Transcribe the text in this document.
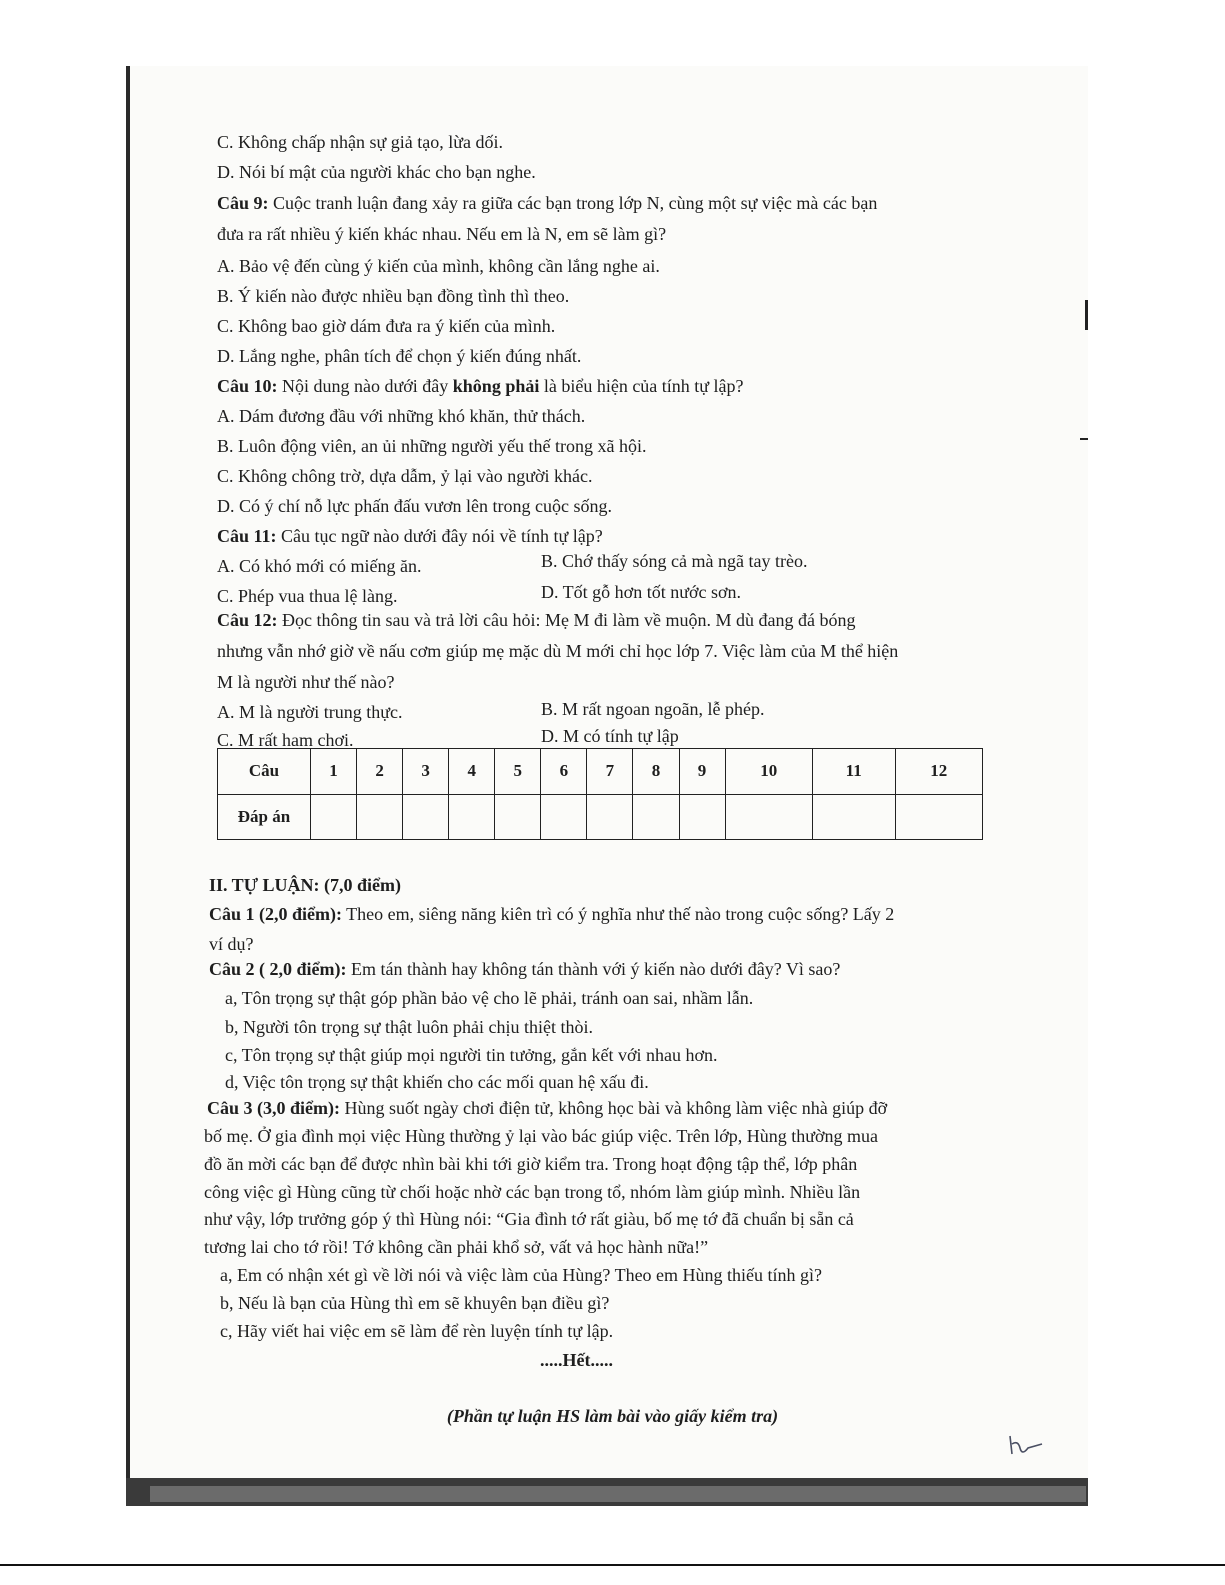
C. Không chấp nhận sự giả tạo, lừa dối.
D. Nói bí mật của người khác cho bạn nghe.
Câu 9: Cuộc tranh luận đang xảy ra giữa các bạn trong lớp N, cùng một sự việc mà các bạn
đưa ra rất nhiều ý kiến khác nhau. Nếu em là N, em sẽ làm gì?
A. Bảo vệ đến cùng ý kiến của mình, không cần lắng nghe ai.
B. Ý kiến nào được nhiều bạn đồng tình thì theo.
C. Không bao giờ dám đưa ra ý kiến của mình.
D. Lắng nghe, phân tích để chọn ý kiến đúng nhất.
Câu 10: Nội dung nào dưới đây không phải là biểu hiện của tính tự lập?
A. Dám đương đầu với những khó khăn, thử thách.
B. Luôn động viên, an ủi những người yếu thế trong xã hội.
C. Không chông trờ, dựa dẫm, ỷ lại vào người khác.
D. Có ý chí nỗ lực phấn đấu vươn lên trong cuộc sống.
Câu 11: Câu tục ngữ nào dưới đây nói về tính tự lập?
A. Có khó mới có miếng ăn.	B. Chớ thấy sóng cả mà ngã tay trèo.
C. Phép vua thua lệ làng.	D. Tốt gỗ hơn tốt nước sơn.
Câu 12: Đọc thông tin sau và trả lời câu hỏi: Mẹ M đi làm về muộn. M dù đang đá bóng
nhưng vẫn nhớ giờ về nấu cơm giúp mẹ mặc dù M mới chỉ học lớp 7. Việc làm của M thể hiện
M là người như thế nào?
A. M là người trung thực.	B. M rất ngoan ngoãn, lễ phép.
C. M rất ham chơi.	D. M có tính tự lập
Câu	1	2	3	4	5	6	7	8	9	10	11	12
Đáp án												
II. TỰ LUẬN: (7,0 điểm)
Câu 1 (2,0 điểm): Theo em, siêng năng kiên trì có ý nghĩa như thế nào trong cuộc sống? Lấy 2
ví dụ?
Câu 2 ( 2,0 điểm): Em tán thành hay không tán thành với ý kiến nào dưới đây? Vì sao?
a, Tôn trọng sự thật góp phần bảo vệ cho lẽ phải, tránh oan sai, nhầm lẫn.
b, Người tôn trọng sự thật luôn phải chịu thiệt thòi.
c, Tôn trọng sự thật giúp mọi người tin tưởng, gắn kết với nhau hơn.
d, Việc tôn trọng sự thật khiến cho các mối quan hệ xấu đi.
Câu 3 (3,0 điểm): Hùng suốt ngày chơi điện tử, không học bài và không làm việc nhà giúp đỡ
bố mẹ. Ở gia đình mọi việc Hùng thường ỷ lại vào bác giúp việc. Trên lớp, Hùng thường mua
đồ ăn mời các bạn để được nhìn bài khi tới giờ kiểm tra. Trong hoạt động tập thể, lớp phân
công việc gì Hùng cũng từ chối hoặc nhờ các bạn trong tổ, nhóm làm giúp mình. Nhiều lần
như vậy, lớp trưởng góp ý thì Hùng nói: “Gia đình tớ rất giàu, bố mẹ tớ đã chuẩn bị sẵn cả
tương lai cho tớ rồi! Tớ không cần phải khổ sở, vất vả học hành nữa!”
a, Em có nhận xét gì về lời nói và việc làm của Hùng? Theo em Hùng thiếu tính gì?
b, Nếu là bạn của Hùng thì em sẽ khuyên bạn điều gì?
c, Hãy viết hai việc em sẽ làm để rèn luyện tính tự lập.
.....Hết.....
(Phần tự luận HS làm bài vào giấy kiểm tra)
